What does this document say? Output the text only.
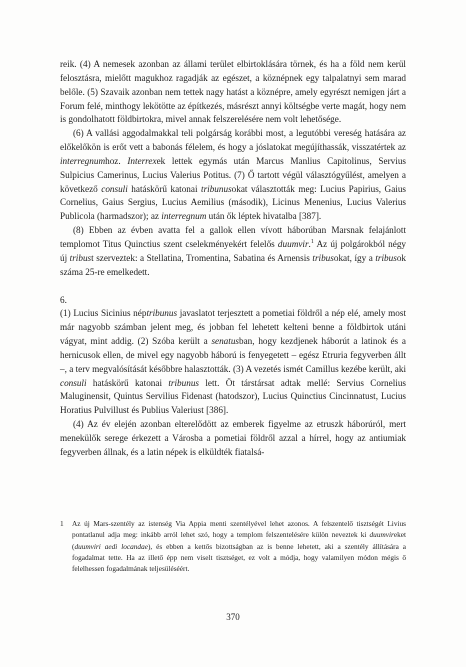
reik. (4) A nemesek azonban az állami terület elbirtoklására törnek, és ha a föld nem kerül felosztásra, mielőtt magukhoz ragadják az egészet, a köznépnek egy talpalatnyi sem marad belőle. (5) Szavaik azonban nem tettek nagy hatást a köznépre, amely egyrészt nemigen járt a Forum felé, minthogy lekötötte az építkezés, másrészt annyi költségbe verte magát, hogy nem is gondolhatott földbirtokra, mivel annak felszerelésére nem volt lehetősége.

(6) A vallási aggodalmakkal teli polgárság korábbi most, a legutóbbi vereség hatására az előkelőkön is erőt vett a babonás félelem, és hogy a jóslatokat megújíthassák, visszatértek az interregnumhoz. Interrexek lettek egymás után Marcus Manlius Capitolinus, Servius Sulpicius Camerinus, Lucius Valerius Potitus. (7) Ő tartott végül választógyűlést, amelyen a következő consuli hatáskörű katonai tribunusokat választották meg: Lucius Papirius, Gaius Cornelius, Gaius Sergius, Lucius Aemilius (második), Licinus Menenius, Lucius Valerius Publicola (harmadszor); az interregnum után ők léptek hivatalba [387].

(8) Ebben az évben avatta fel a gallok ellen vívott háborúban Marsnak felajánlott templomot Titus Quinctius szent cselekményekért felelős duumvir.$^1$ Az új polgárokból négy új tribust szerveztek: a Stellatina, Tromentina, Sabatina és Arnensis tribusokat, így a tribusok száma 25-re emelkedett.

6.

(1) Lucius Sicinius néptribunus javaslatot terjesztett a pometiai földről a nép elé, amely most már nagyobb számban jelent meg, és jobban fel lehetett kelteni benne a földbirtok utáni vágyat, mint addig. (2) Szóba került a senatusban, hogy kezdjenek háborút a latinok és a hernicusok ellen, de mivel egy nagyobb háború is fenyegetett – egész Etruria fegyverben állt –, a terv megvalósítását későbbre halasztották. (3) A vezetés ismét Camillus kezébe került, aki consuli hatáskörű katonai tribunus lett. Öt társtársat adtak mellé: Servius Cornelius Maluginensit, Quintus Servilius Fidenast (hatodszor), Lucius Quinctius Cincinnatust, Lucius Horatius Pulvillust és Publius Valeriust [386].

(4) Az év elején azonban elterelődött az emberek figyelme az etruszk háborúról, mert menekülők serege érkezett a Városba a pometiai földről azzal a hírrel, hogy az antiumiak fegyverben állnak, és a latin népek is elküldték fiatalsá-

1 Az új Mars-szentély az istenség Via Appia menti szentélyével lehet azonos. A felszentelő tisztségét Livius pontatlanul adja meg: inkább arról lehet szó, hogy a templom felszentelésére külön neveztek ki duumvireket (duumviri aedi locandae), és ebben a kettős bizottságban az is benne lehetett, aki a szentély állítására a fogadalmat tette. Ha az illető épp nem viselt tisztséget, ez volt a módja, hogy valamilyen módon mégis ő felelhessen fogadalmának teljesüléséért.

370
